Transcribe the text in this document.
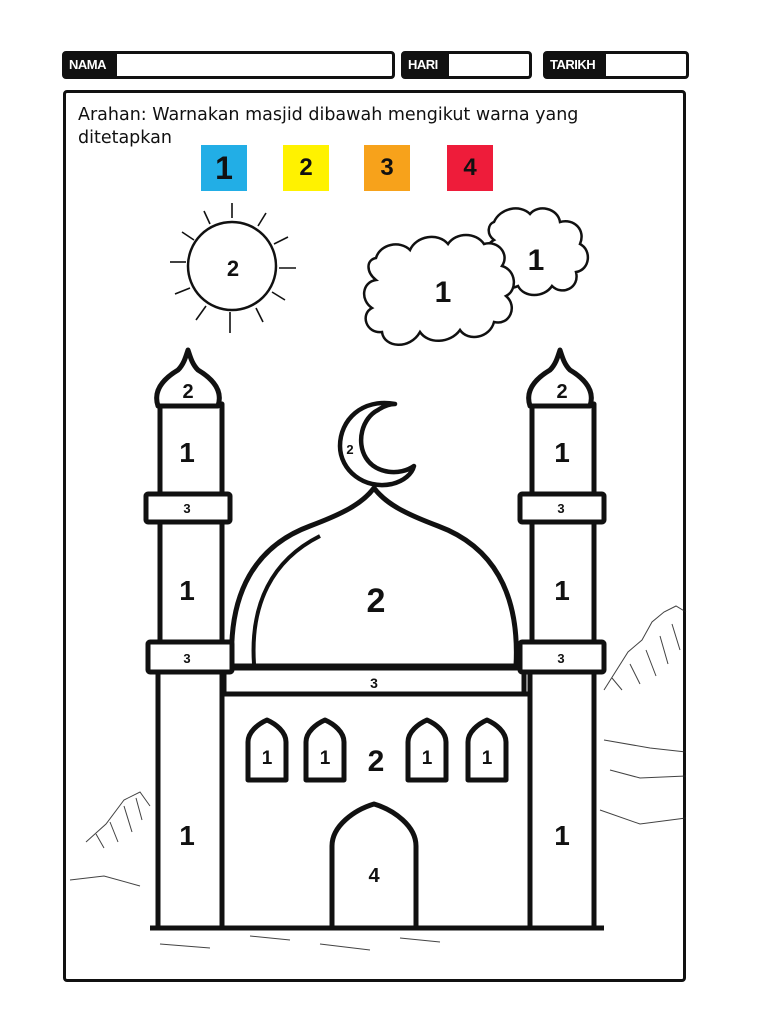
NAMA	HARI	TARIKH

Arahan: Warnakan masjid dibawah mengikut warna yang ditetapkan

1	2	3	4
2
1
1
2
2
3
2
1 1	1	1
4
2
1
3
1
3
1
2
1
3
1
3
1
